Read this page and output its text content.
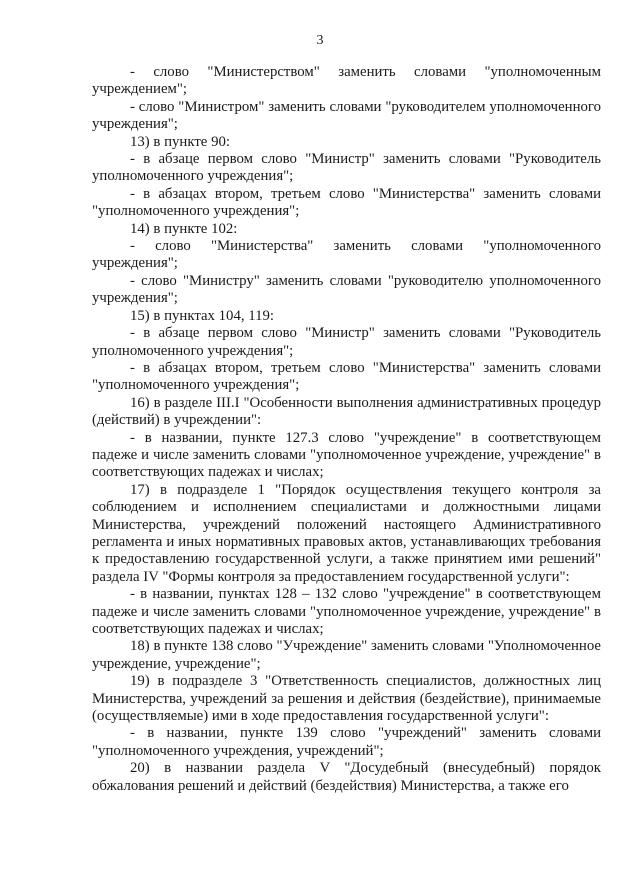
3

- слово "Министерством" заменить словами "уполномоченным учреждением";

- слово "Министром" заменить словами "руководителем уполномоченного учреждения";

13) в пункте 90:

- в абзаце первом слово "Министр" заменить словами "Руководитель уполномоченного учреждения";

- в абзацах втором, третьем слово "Министерства" заменить словами "уполномоченного учреждения";

14) в пункте 102:

- слово "Министерства" заменить словами "уполномоченного учреждения";

- слово "Министру" заменить словами "руководителю уполномоченного учреждения";

15) в пунктах 104, 119:

- в абзаце первом слово "Министр" заменить словами "Руководитель уполномоченного учреждения";

- в абзацах втором, третьем слово "Министерства" заменить словами "уполномоченного учреждения";

16) в разделе III.I "Особенности выполнения административных процедур (действий) в учреждении":

- в названии, пункте 127.3 слово "учреждение" в соответствующем падеже и числе заменить словами "уполномоченное учреждение, учреждение" в соответствующих падежах и числах;

17) в подразделе 1 "Порядок осуществления текущего контроля за соблюдением и исполнением специалистами и должностными лицами Министерства, учреждений положений настоящего Административного регламента и иных нормативных правовых актов, устанавливающих требования к предоставлению государственной услуги, а также принятием ими решений" раздела IV "Формы контроля за предоставлением государственной услуги":

- в названии, пунктах 128 – 132 слово "учреждение" в соответствующем падеже и числе заменить словами "уполномоченное учреждение, учреждение" в соответствующих падежах и числах;

18) в пункте 138 слово "Учреждение" заменить словами "Уполномоченное учреждение, учреждение";

19) в подразделе 3 "Ответственность специалистов, должностных лиц Министерства, учреждений за решения и действия (бездействие), принимаемые (осуществляемые) ими в ходе предоставления государственной услуги":

- в названии, пункте 139 слово "учреждений" заменить словами "уполномоченного учреждения, учреждений";

20) в названии раздела V "Досудебный (внесудебный) порядок обжалования решений и действий (бездействия) Министерства, а также его
